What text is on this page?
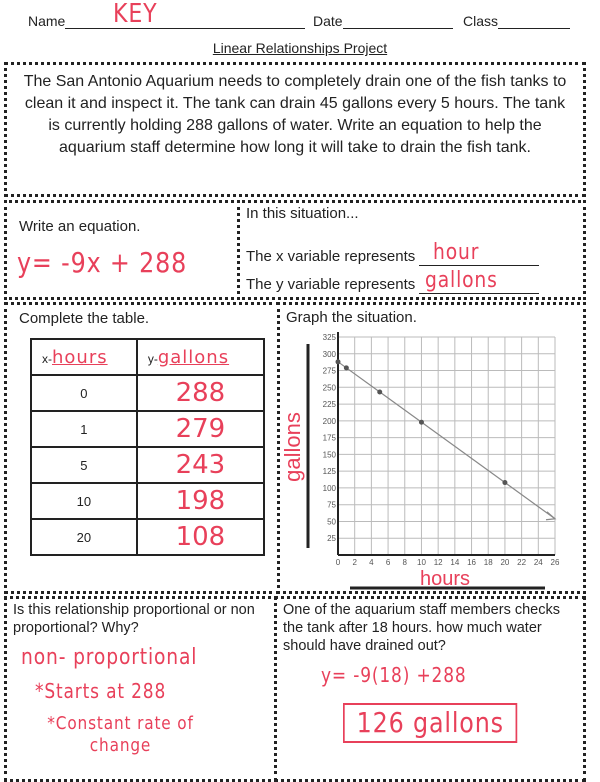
Name KEY	Date	Class
Linear Relationships Project
The San Antonio Aquarium needs to completely drain one of the fish tanks to clean it and inspect it. The tank can drain 45 gallons every 5 hours. The tank is currently holding 288 gallons of water. Write an equation to help the aquarium staff determine how long it will take to drain the fish tank.
Write an equation.
y= -9x + 288
In this situation...
The x variable represents hour
The y variable represents gallons
Complete the table.
x-hours	y-gallons
0	288
1	279
5	243
10	198
20	108
Graph the situation.
0 2 4 6 8 10 12 14 16 18 20 22 24 26
25
50
75
100
125
150
175
200
225
250
275
300
325
gallons
hours
Is this relationship proportional or non proportional? Why?
non- proportional
*Starts at 288
*Constant rate of change
One of the aquarium staff members checks the tank after 18 hours. how much water should have drained out?
y= -9(18) +288
126 gallons
